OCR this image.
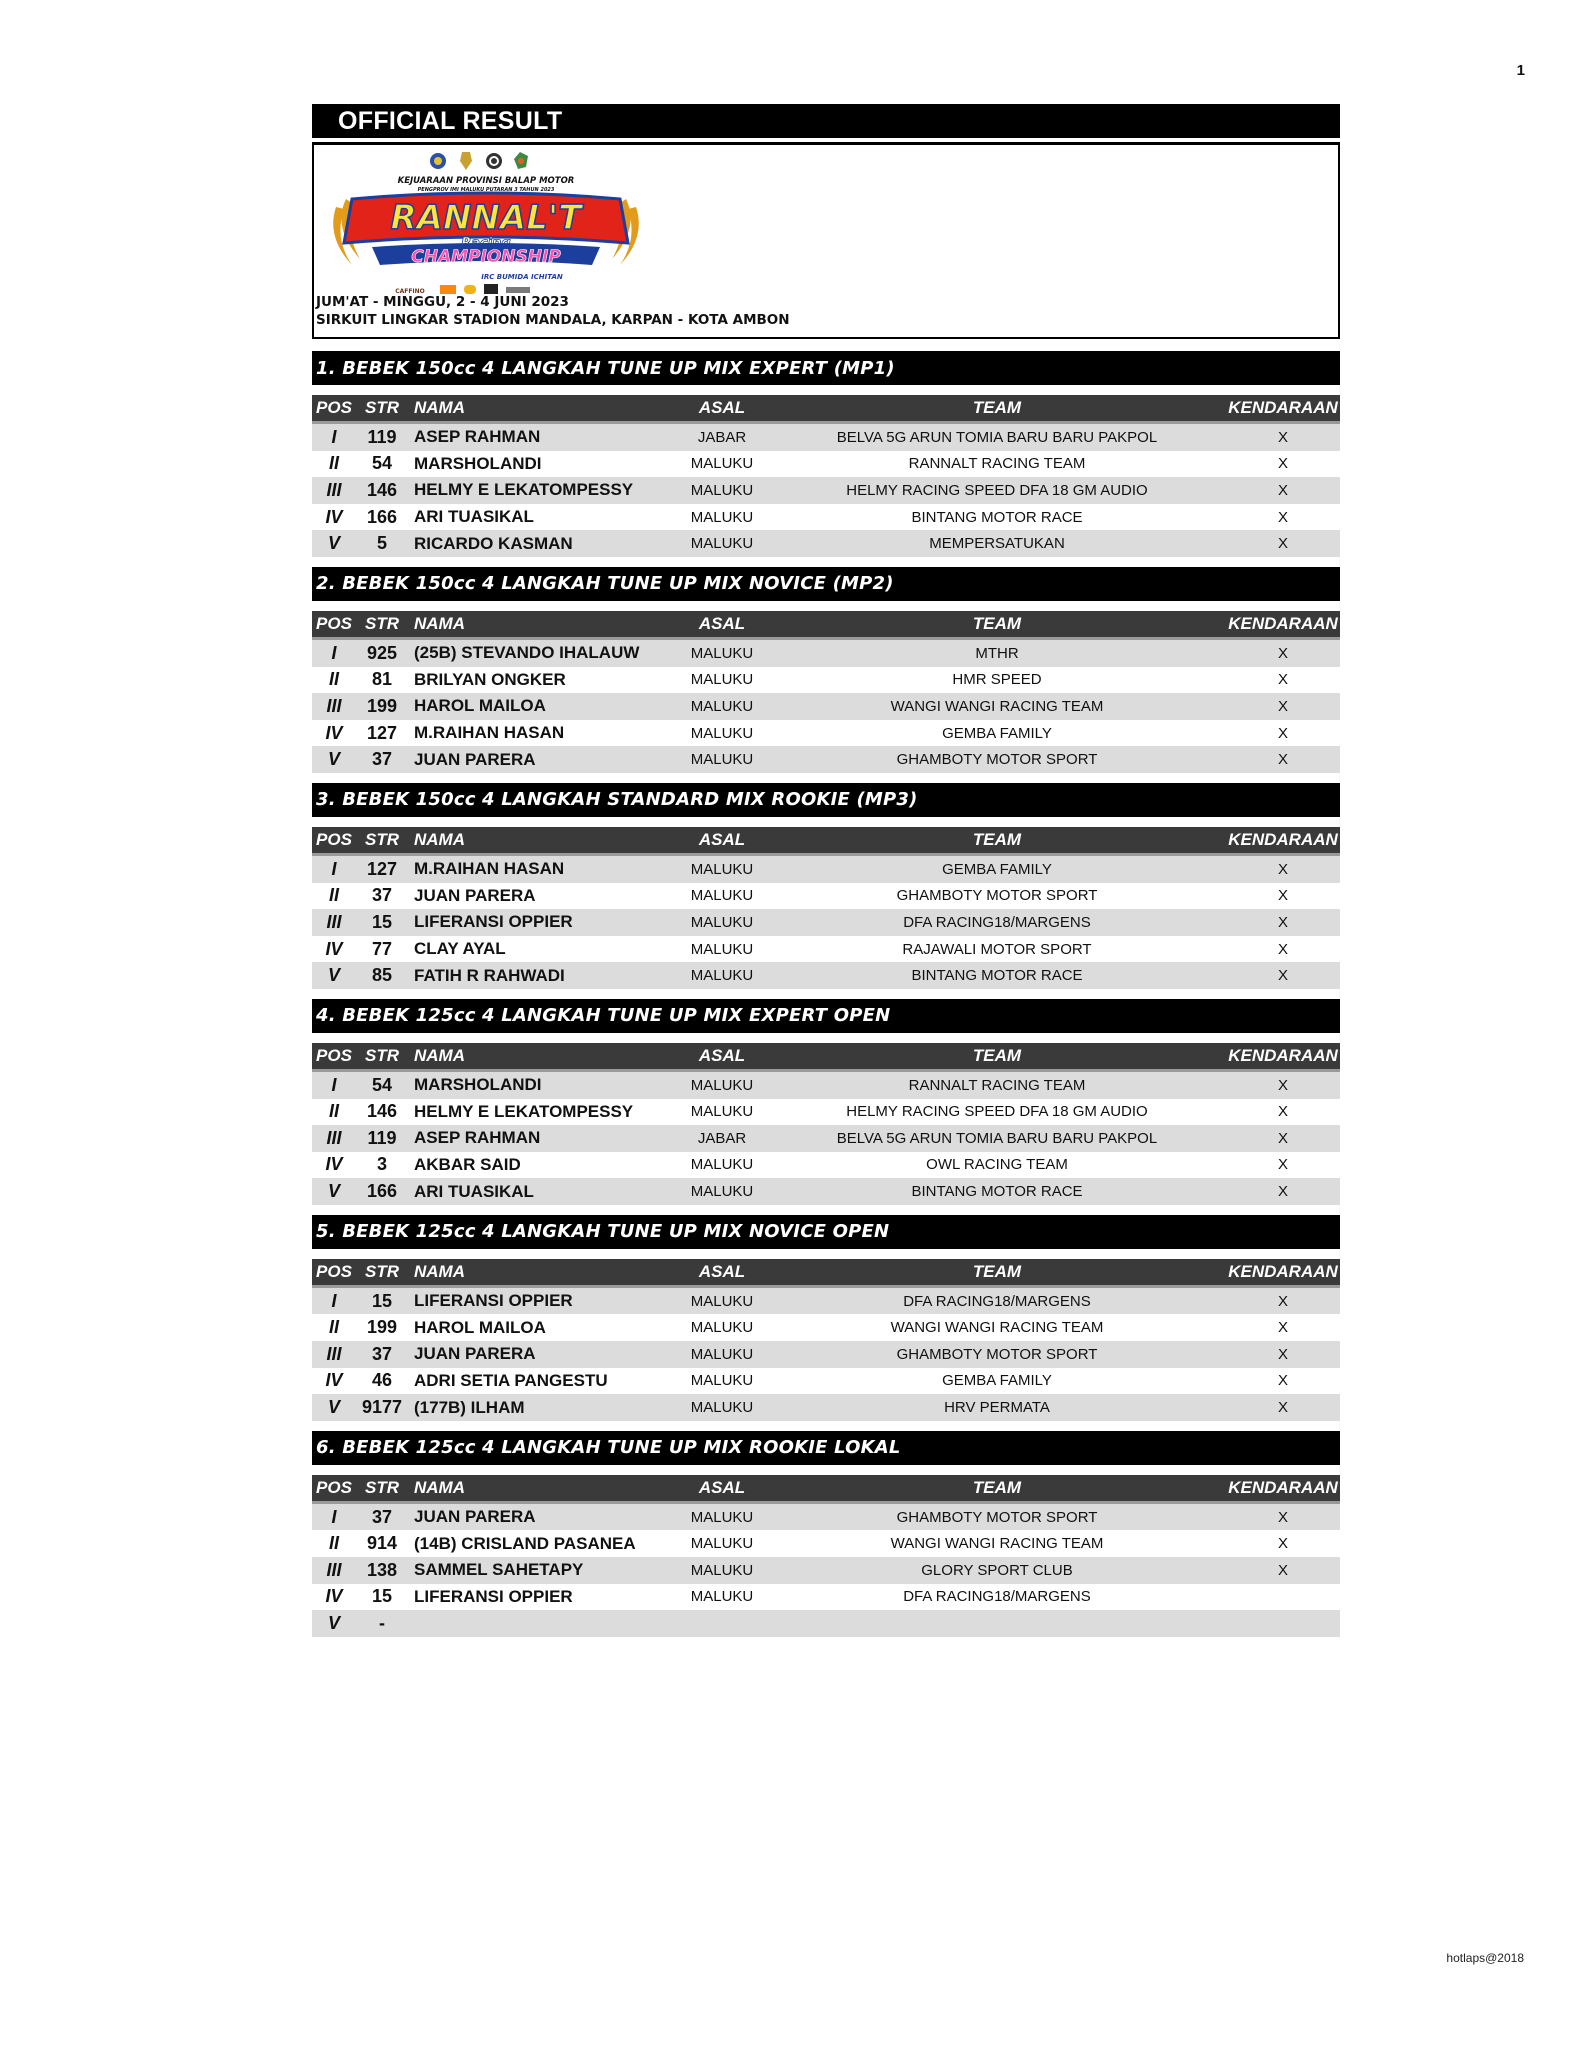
1
OFFICIAL RESULT
KEJUARAAN PROVINSI BALAP MOTOR
PENGPROV IMI MALUKU PUTARAN 3 TAHUN 2023
RANNAL'T
CHAMPIONSHIP
IRC BUMIDA ICHITAN
CAFFINO
JUM'AT - MINGGU, 2 - 4 JUNI 2023
SIRKUIT LINGKAR STADION MANDALA, KARPAN - KOTA AMBON
1. BEBEK 150cc 4 LANGKAH TUNE UP MIX EXPERT (MP1)
POS STR NAMA	ASAL	TEAM	KENDARAAN
I	119	ASEP RAHMAN	JABAR	BELVA 5G ARUN TOMIA BARU BARU PAKPOL	X
II	54	MARSHOLANDI	MALUKU	RANNALT RACING TEAM	X
III	146 HELMY E LEKATOMPESSY	MALUKU	HELMY RACING SPEED DFA 18 GM AUDIO	X
IV	166 ARI TUASIKAL	MALUKU	BINTANG MOTOR RACE	X
V	5	RICARDO KASMAN	MALUKU	MEMPERSATUKAN	X
2. BEBEK 150cc 4 LANGKAH TUNE UP MIX NOVICE (MP2)
POS STR NAMA	ASAL	TEAM	KENDARAAN
I	925 (25B) STEVANDO IHALAUW	MALUKU	MTHR	X
II	81	BRILYAN ONGKER	MALUKU	HMR SPEED	X
III	199 HAROL MAILOA	MALUKU	WANGI WANGI RACING TEAM	X
IV	127 M.RAIHAN HASAN	MALUKU	GEMBA FAMILY	X
V	37	JUAN PARERA	MALUKU	GHAMBOTY MOTOR SPORT	X
3. BEBEK 150cc 4 LANGKAH STANDARD MIX ROOKIE (MP3)
POS STR NAMA	ASAL	TEAM	KENDARAAN
I	127 M.RAIHAN HASAN	MALUKU	GEMBA FAMILY	X
II	37	JUAN PARERA	MALUKU	GHAMBOTY MOTOR SPORT	X
III	15	LIFERANSI OPPIER	MALUKU	DFA RACING18/MARGENS	X
IV	77	CLAY AYAL	MALUKU	RAJAWALI MOTOR SPORT	X
V	85	FATIH R RAHWADI	MALUKU	BINTANG MOTOR RACE	X
4. BEBEK 125cc 4 LANGKAH TUNE UP MIX EXPERT OPEN
POS STR NAMA	ASAL	TEAM	KENDARAAN
I	54	MARSHOLANDI	MALUKU	RANNALT RACING TEAM	X
II	146 HELMY E LEKATOMPESSY	MALUKU	HELMY RACING SPEED DFA 18 GM AUDIO	X
III	119	ASEP RAHMAN	JABAR	BELVA 5G ARUN TOMIA BARU BARU PAKPOL	X
IV	3	AKBAR SAID	MALUKU	OWL RACING TEAM	X
V	166 ARI TUASIKAL	MALUKU	BINTANG MOTOR RACE	X
5. BEBEK 125cc 4 LANGKAH TUNE UP MIX NOVICE OPEN
POS STR NAMA	ASAL	TEAM	KENDARAAN
I	15	LIFERANSI OPPIER	MALUKU	DFA RACING18/MARGENS	X
II	199 HAROL MAILOA	MALUKU	WANGI WANGI RACING TEAM	X
III	37	JUAN PARERA	MALUKU	GHAMBOTY MOTOR SPORT	X
IV	46	ADRI SETIA PANGESTU	MALUKU	GEMBA FAMILY	X
V	9177 (177B) ILHAM	MALUKU	HRV PERMATA	X
6. BEBEK 125cc 4 LANGKAH TUNE UP MIX ROOKIE LOKAL
POS STR NAMA	ASAL	TEAM	KENDARAAN
I	37	JUAN PARERA	MALUKU	GHAMBOTY MOTOR SPORT	X
II	914 (14B) CRISLAND PASANEA	MALUKU	WANGI WANGI RACING TEAM	X
III	138 SAMMEL SAHETAPY	MALUKU	GLORY SPORT CLUB	X
IV	15	LIFERANSI OPPIER	MALUKU	DFA RACING18/MARGENS
V	-
hotlaps@2018
